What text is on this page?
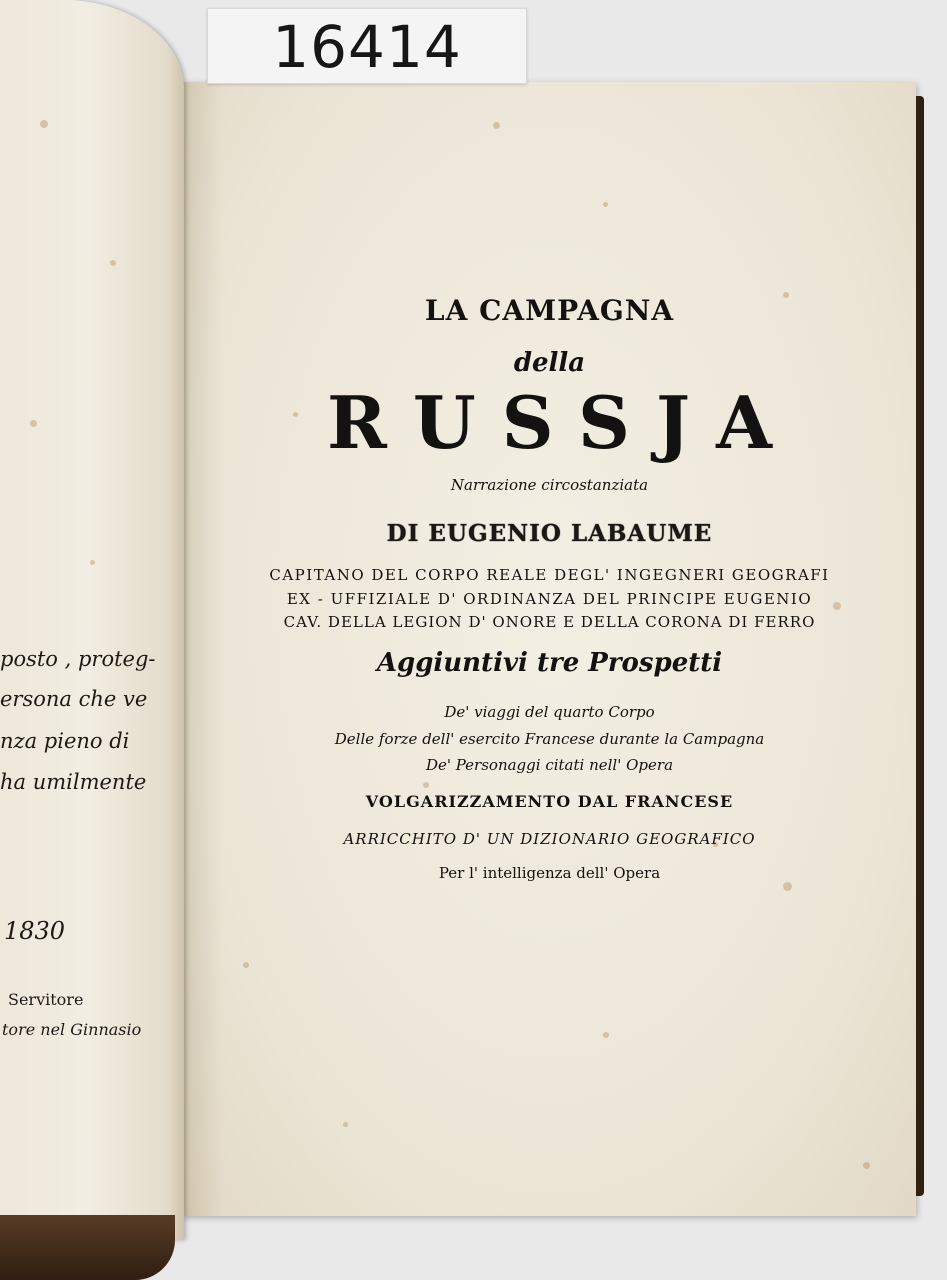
posto , proteg-
ersona che ve
nza pieno di
ha umilmente
1830
Servitore
tore nel Ginnasio
16414
LA CAMPAGNA
della
RUSSJA
Narrazione circostanziata
DI EUGENIO LABAUME
CAPITANO DEL CORPO REALE DEGL' INGEGNERI GEOGRAFI
EX - UFFIZIALE D' ORDINANZA DEL PRINCIPE EUGENIO
CAV. DELLA LEGION D' ONORE E DELLA CORONA DI FERRO
Aggiuntivi tre Prospetti
De' viaggi del quarto Corpo
Delle forze dell' esercito Francese durante la Campagna
De' Personaggi citati nell' Opera
VOLGARIZZAMENTO DAL FRANCESE
ARRICCHITO D' UN DIZIONARIO GEOGRAFICO
Per l' intelligenza dell' Opera
